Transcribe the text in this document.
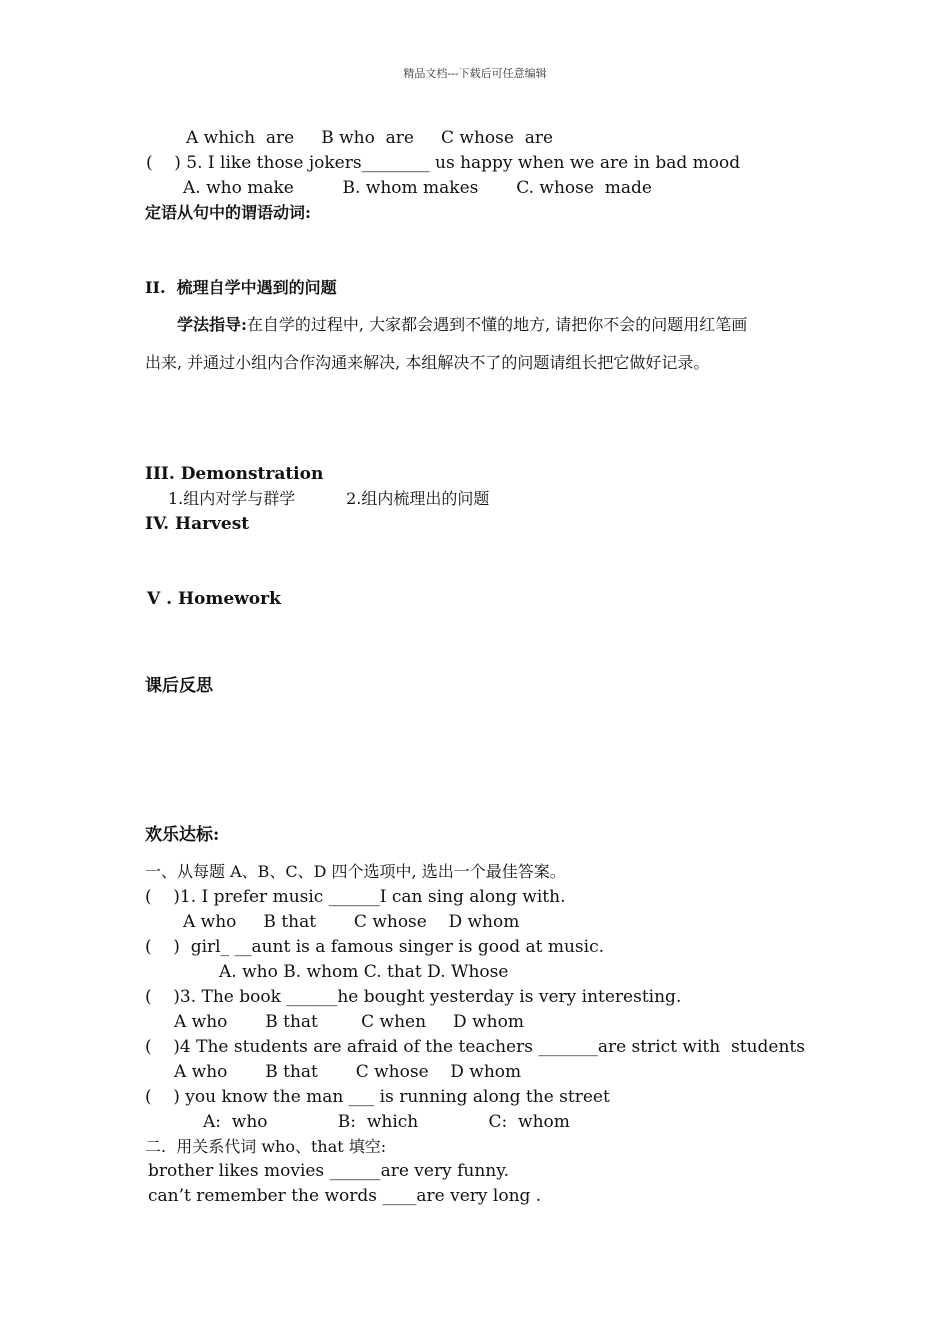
精品文档---下载后可任意编辑
A which  are     B who  are     C whose  are
(    ) 5. I like those jokers________ us happy when we are in bad mood
A. who make         B. whom makes       C. whose  made
定语从句中的谓语动词:
II.  梳理自学中遇到的问题
学法指导:在自学的过程中, 大家都会遇到不懂的地方, 请把你不会的问题用红笔画
出来, 并通过小组内合作沟通来解决, 本组解决不了的问题请组长把它做好记录。
III. Demonstration
1.组内对学与群学          2.组内梳理出的问题
IV. Harvest
V . Homework
课后反思
欢乐达标:
一、从每题 A、B、C、D 四个选项中, 选出一个最佳答案。
(    )1. I prefer music ______I can sing along with.
A who     B that       C whose    D whom
(    )  girl_ __aunt is a famous singer is good at music.
A. who B. whom C. that D. Whose
(    )3. The book ______he bought yesterday is very interesting.
A who       B that        C when     D whom
(    )4 The students are afraid of the teachers _______are strict with  students
A who       B that       C whose    D whom
(    ) you know the man ___ is running along the street
A:  who             B:  which             C:  whom
二.  用关系代词 who、that 填空:
brother likes movies ______are very funny.
can’t remember the words ____are very long .
